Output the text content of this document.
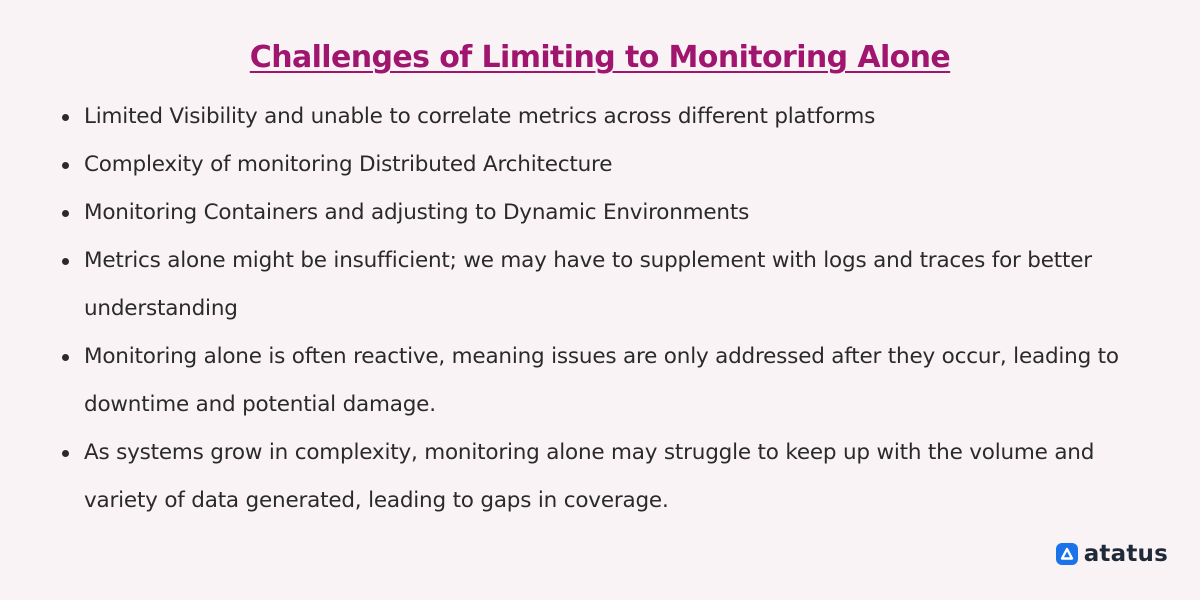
Challenges of Limiting to Monitoring Alone
Limited Visibility and unable to correlate metrics across different platforms
Complexity of monitoring Distributed Architecture
Monitoring Containers and adjusting to Dynamic Environments
Metrics alone might be insufficient; we may have to supplement with logs and traces for better understanding
Monitoring alone is often reactive, meaning issues are only addressed after they occur, leading to downtime and potential damage.
As systems grow in complexity, monitoring alone may struggle to keep up with the volume and variety of data generated, leading to gaps in coverage.
atatus
